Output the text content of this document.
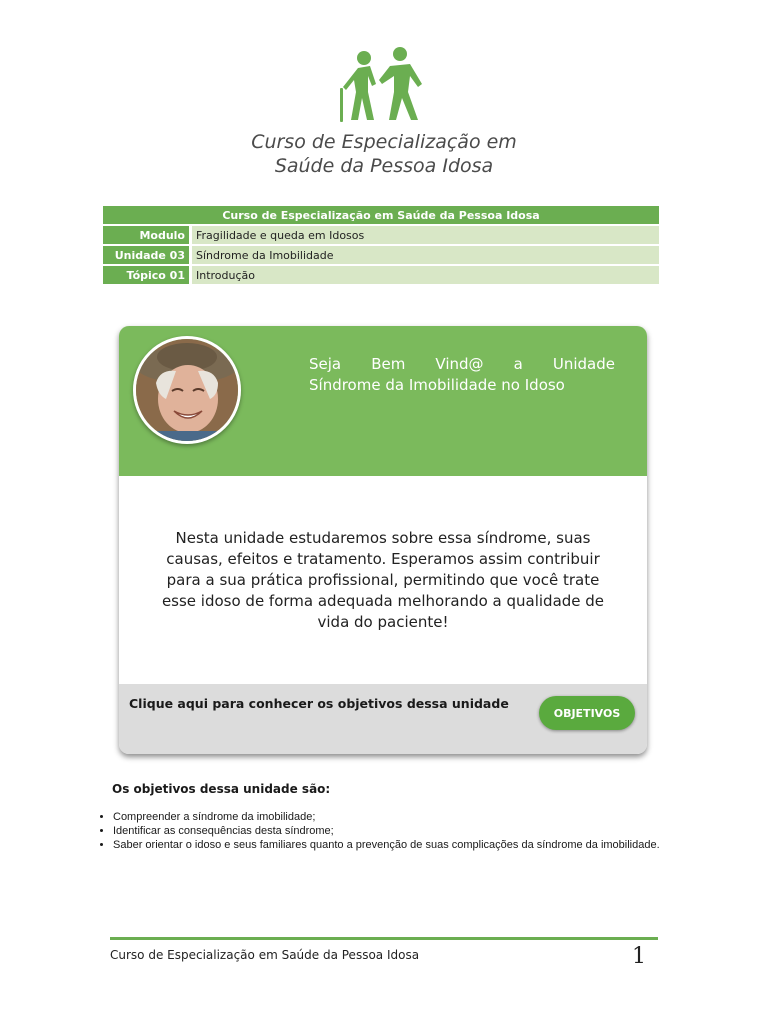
Curso de Especialização em
Saúde da Pessoa Idosa
Curso de Especialização em Saúde da Pessoa Idosa	
Modulo	Fragilidade e queda em Idosos
Unidade 03	Síndrome da Imobilidade
Tópico 01	Introdução
Seja Bem Vind@ a Unidade
Síndrome da Imobilidade no Idoso
Nesta unidade estudaremos sobre essa síndrome, suas causas, efeitos e tratamento. Esperamos assim contribuir para a sua prática profissional, permitindo que você trate esse idoso de forma adequada melhorando a qualidade de vida do paciente!
Clique aqui para conhecer os objetivos dessa unidade
OBJETIVOS
Os objetivos dessa unidade são:
• Compreender a síndrome da imobilidade;
• Identificar as consequências desta síndrome;
• Saber orientar o idoso e seus familiares quanto a prevenção de suas complicações da síndrome da imobilidade.
Curso de Especialização em Saúde da Pessoa Idosa	1
